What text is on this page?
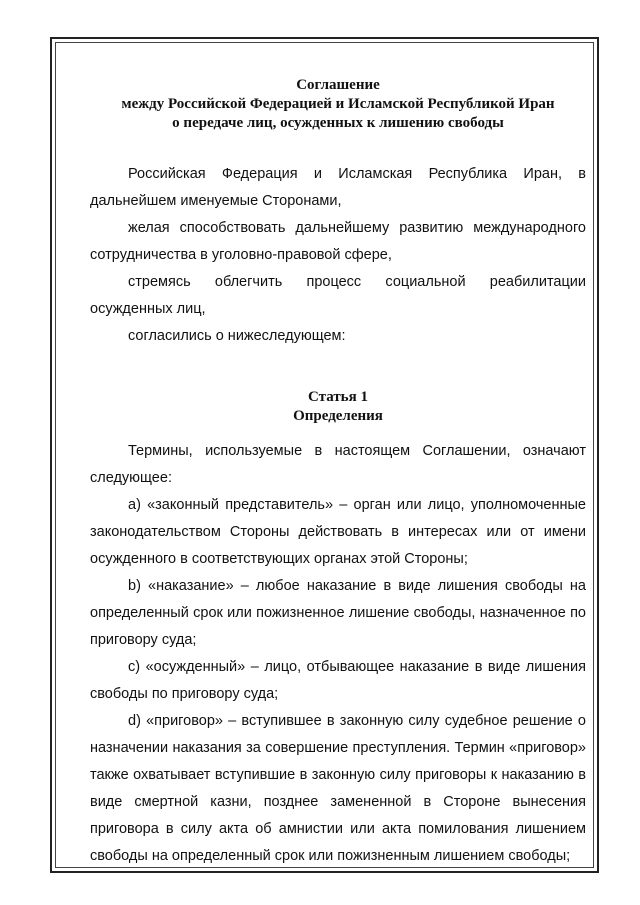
Соглашение
между Российской Федерацией и Исламской Республикой Иран
о передаче лиц, осужденных к лишению свободы

Российская Федерация и Исламская Республика Иран, в дальнейшем именуемые Сторонами,

желая способствовать дальнейшему развитию международного сотрудничества в уголовно-правовой сфере,

стремясь облегчить процесс социальной реабилитации осужденных лиц,

согласились о нижеследующем:

Статья 1
Определения

Термины, используемые в настоящем Соглашении, означают следующее:

а) «законный представитель» – орган или лицо, уполномоченные законодательством Стороны действовать в интересах или от имени осужденного в соответствующих органах этой Стороны;

b) «наказание» – любое наказание в виде лишения свободы на определенный срок или пожизненное лишение свободы, назначенное по приговору суда;

с) «осужденный» – лицо, отбывающее наказание в виде лишения свободы по приговору суда;

d) «приговор» – вступившее в законную силу судебное решение о назначении наказания за совершение преступления. Термин «приговор» также охватывает вступившие в законную силу приговоры к наказанию в виде смертной казни, позднее замененной в Стороне вынесения приговора в силу акта об амнистии или акта помилования лишением свободы на определенный срок или пожизненным лишением свободы;
